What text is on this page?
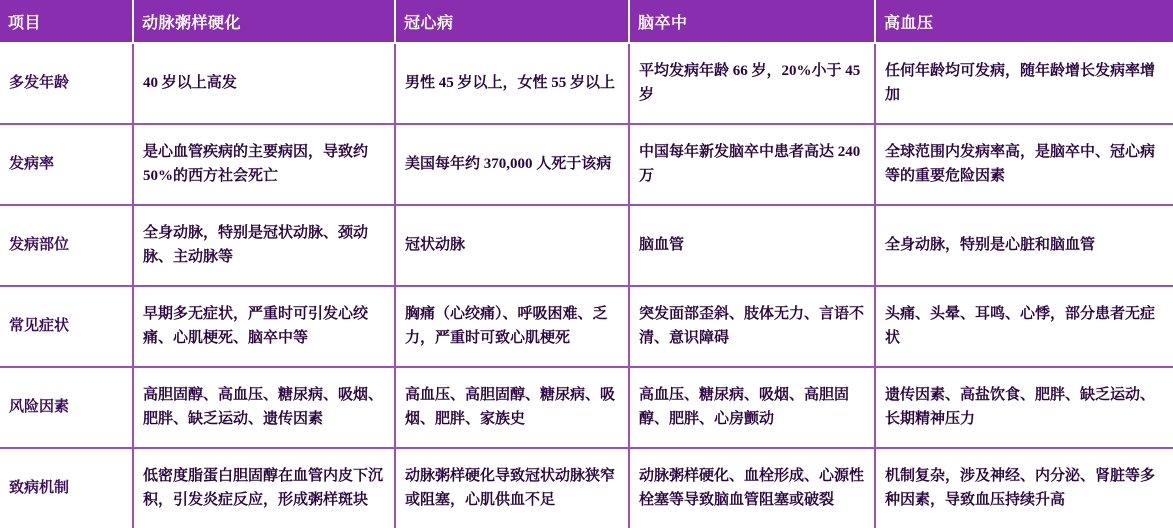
项目	动脉粥样硬化	冠心病	脑卒中	高血压
多发年龄	40 岁以上高发	男性 45 岁以上，女性 55 岁以上	平均发病年龄 66 岁，20%小于 45 岁	任何年龄均可发病，随年龄增长发病率增加
发病率	是心血管疾病的主要病因，导致约 50%的西方社会死亡	美国每年约 370,000 人死于该病	中国每年新发脑卒中患者高达 240 万	全球范围内发病率高，是脑卒中、冠心病等的重要危险因素
发病部位	全身动脉，特别是冠状动脉、颈动脉、主动脉等	冠状动脉	脑血管	全身动脉，特别是心脏和脑血管
常见症状	早期多无症状，严重时可引发心绞痛、心肌梗死、脑卒中等	胸痛（心绞痛）、呼吸困难、乏力，严重时可致心肌梗死	突发面部歪斜、肢体无力、言语不清、意识障碍	头痛、头晕、耳鸣、心悸，部分患者无症状
风险因素	高胆固醇、高血压、糖尿病、吸烟、肥胖、缺乏运动、遗传因素	高血压、高胆固醇、糖尿病、吸烟、肥胖、家族史	高血压、糖尿病、吸烟、高胆固醇、肥胖、心房颤动	遗传因素、高盐饮食、肥胖、缺乏运动、长期精神压力
致病机制	低密度脂蛋白胆固醇在血管内皮下沉积，引发炎症反应，形成粥样斑块	动脉粥样硬化导致冠状动脉狭窄或阻塞，心肌供血不足	动脉粥样硬化、血栓形成、心源性栓塞等导致脑血管阻塞或破裂	机制复杂，涉及神经、内分泌、肾脏等多种因素，导致血压持续升高
